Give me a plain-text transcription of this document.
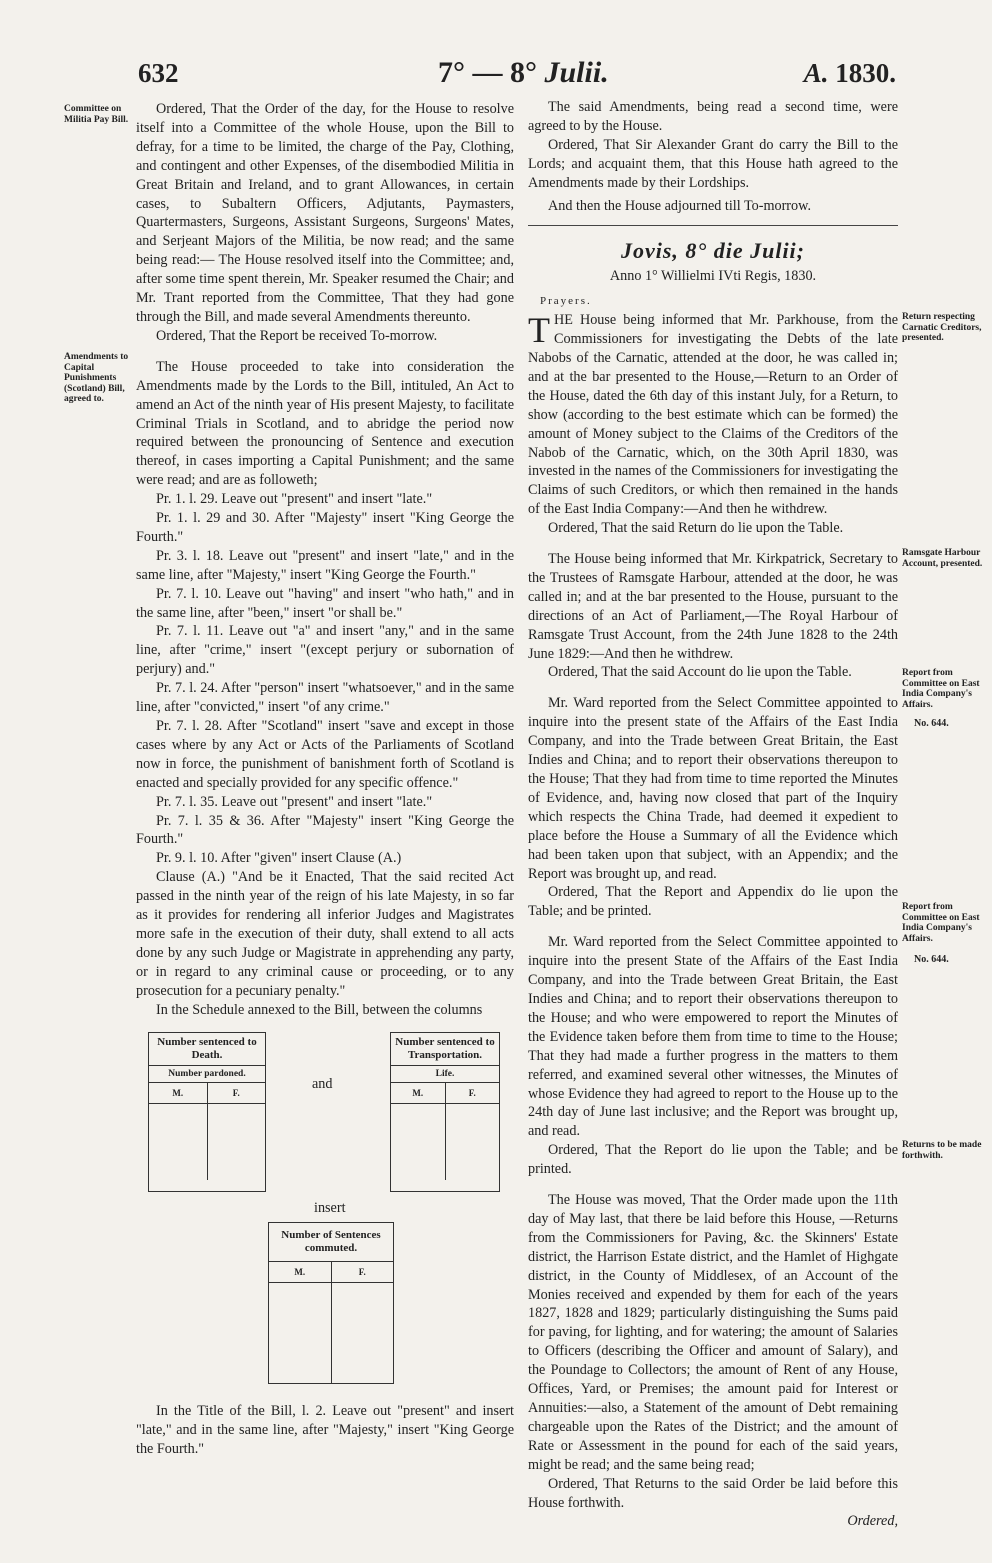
632	7° — 8° Julii.	A. 1830.
Committee on Militia Pay Bill.
Amendments to Capital Punishments (Scotland) Bill, agreed to.
Return respecting Carnatic Creditors, presented.
Ramsgate Harbour Account, presented.
Report from Committee on East India Company's Affairs.
No. 644.
Report from Committee on East India Company's Affairs.
No. 644.
Returns to be made forthwith.

Ordered, That the Order of the day, for the House to resolve itself into a Committee of the whole House, upon the Bill to defray, for a time to be limited, the charge of the Pay, Clothing, and contingent and other Expenses, of the disembodied Militia in Great Britain and Ireland, and to grant Allowances, in certain cases, to Subaltern Officers, Adjutants, Paymasters, Quartermasters, Surgeons, Assistant Surgeons, Surgeons' Mates, and Serjeant Majors of the Militia, be now read; and the same being read:— The House resolved itself into the Committee; and, after some time spent therein, Mr. Speaker resumed the Chair; and Mr. Trant reported from the Committee, That they had gone through the Bill, and made several Amendments thereunto.

Ordered, That the Report be received To-morrow.

The House proceeded to take into consideration the Amendments made by the Lords to the Bill, intituled, An Act to amend an Act of the ninth year of His present Majesty, to facilitate Criminal Trials in Scotland, and to abridge the period now required between the pronouncing of Sentence and execution thereof, in cases importing a Capital Punishment; and the same were read; and are as followeth;

Pr. 1. l. 29. Leave out "present" and insert "late."

Pr. 1. l. 29 and 30. After "Majesty" insert "King George the Fourth."

Pr. 3. l. 18. Leave out "present" and insert "late," and in the same line, after "Majesty," insert "King George the Fourth."

Pr. 7. l. 10. Leave out "having" and insert "who hath," and in the same line, after "been," insert "or shall be."

Pr. 7. l. 11. Leave out "a" and insert "any," and in the same line, after "crime," insert "(except perjury or subornation of perjury) and."

Pr. 7. l. 24. After "person" insert "whatsoever," and in the same line, after "convicted," insert "of any crime."

Pr. 7. l. 28. After "Scotland" insert "save and except in those cases where by any Act or Acts of the Parliaments of Scotland now in force, the punishment of banishment forth of Scotland is enacted and specially provided for any specific offence."

Pr. 7. l. 35. Leave out "present" and insert "late."

Pr. 7. l. 35 & 36. After "Majesty" insert "King George the Fourth."

Pr. 9. l. 10. After "given" insert Clause (A.)

Clause (A.) "And be it Enacted, That the said recited Act passed in the ninth year of the reign of his late Majesty, in so far as it provides for rendering all inferior Judges and Magistrates more safe in the execution of their duty, shall extend to all acts done by any such Judge or Magistrate in apprehending any party, or in regard to any criminal cause or proceeding, or to any prosecution for a pecuniary penalty."

In the Schedule annexed to the Bill, between the columns

Number sentenced to Death.
Number pardoned.
M.	F.
and
Number sentenced to Transportation.
Life.
M.	F.
insert
Number of Sentences commuted.
M.	F.

In the Title of the Bill, l. 2. Leave out "present" and insert "late," and in the same line, after "Majesty," insert "King George the Fourth."

The said Amendments, being read a second time, were agreed to by the House.

Ordered, That Sir Alexander Grant do carry the Bill to the Lords; and acquaint them, that this House hath agreed to the Amendments made by their Lordships.

And then the House adjourned till To-morrow.

Jovis, 8° die Julii;
Anno 1° Willielmi IVti Regis, 1830.
Prayers.

THE House being informed that Mr. Parkhouse, from the Commissioners for investigating the Debts of the late Nabobs of the Carnatic, attended at the door, he was called in; and at the bar presented to the House,—Return to an Order of the House, dated the 6th day of this instant July, for a Return, to show (according to the best estimate which can be formed) the amount of Money subject to the Claims of the Creditors of the Nabob of the Carnatic, which, on the 30th April 1830, was invested in the names of the Commissioners for investigating the Claims of such Creditors, or which then remained in the hands of the East India Company:—And then he withdrew.

Ordered, That the said Return do lie upon the Table.

The House being informed that Mr. Kirkpatrick, Secretary to the Trustees of Ramsgate Harbour, attended at the door, he was called in; and at the bar presented to the House, pursuant to the directions of an Act of Parliament,—The Royal Harbour of Ramsgate Trust Account, from the 24th June 1828 to the 24th June 1829:—And then he withdrew.

Ordered, That the said Account do lie upon the Table.

Mr. Ward reported from the Select Committee appointed to inquire into the present state of the Affairs of the East India Company, and into the Trade between Great Britain, the East Indies and China; and to report their observations thereupon to the House; That they had from time to time reported the Minutes of Evidence, and, having now closed that part of the Inquiry which respects the China Trade, had deemed it expedient to place before the House a Summary of all the Evidence which had been taken upon that subject, with an Appendix; and the Report was brought up, and read.

Ordered, That the Report and Appendix do lie upon the Table; and be printed.

Mr. Ward reported from the Select Committee appointed to inquire into the present State of the Affairs of the East India Company, and into the Trade between Great Britain, the East Indies and China; and to report their observations thereupon to the House; and who were empowered to report the Minutes of the Evidence taken before them from time to time to the House; That they had made a further progress in the matters to them referred, and examined several other witnesses, the Minutes of whose Evidence they had agreed to report to the House up to the 24th day of June last inclusive; and the Report was brought up, and read.

Ordered, That the Report do lie upon the Table; and be printed.

The House was moved, That the Order made upon the 11th day of May last, that there be laid before this House, —Returns from the Commissioners for Paving, &c. the Skinners' Estate district, the Harrison Estate district, and the Hamlet of Highgate district, in the County of Middlesex, of an Account of the Monies received and expended by them for each of the years 1827, 1828 and 1829; particularly distinguishing the Sums paid for paving, for lighting, and for watering; the amount of Salaries to Officers (describing the Officer and amount of Salary), and the Poundage to Collectors; the amount of Rent of any House, Offices, Yard, or Premises; the amount paid for Interest or Annuities:—also, a Statement of the amount of Debt remaining chargeable upon the Rates of the District; and the amount of Rate or Assessment in the pound for each of the said years, might be read; and the same being read;

Ordered, That Returns to the said Order be laid before this House forthwith.

Ordered,
